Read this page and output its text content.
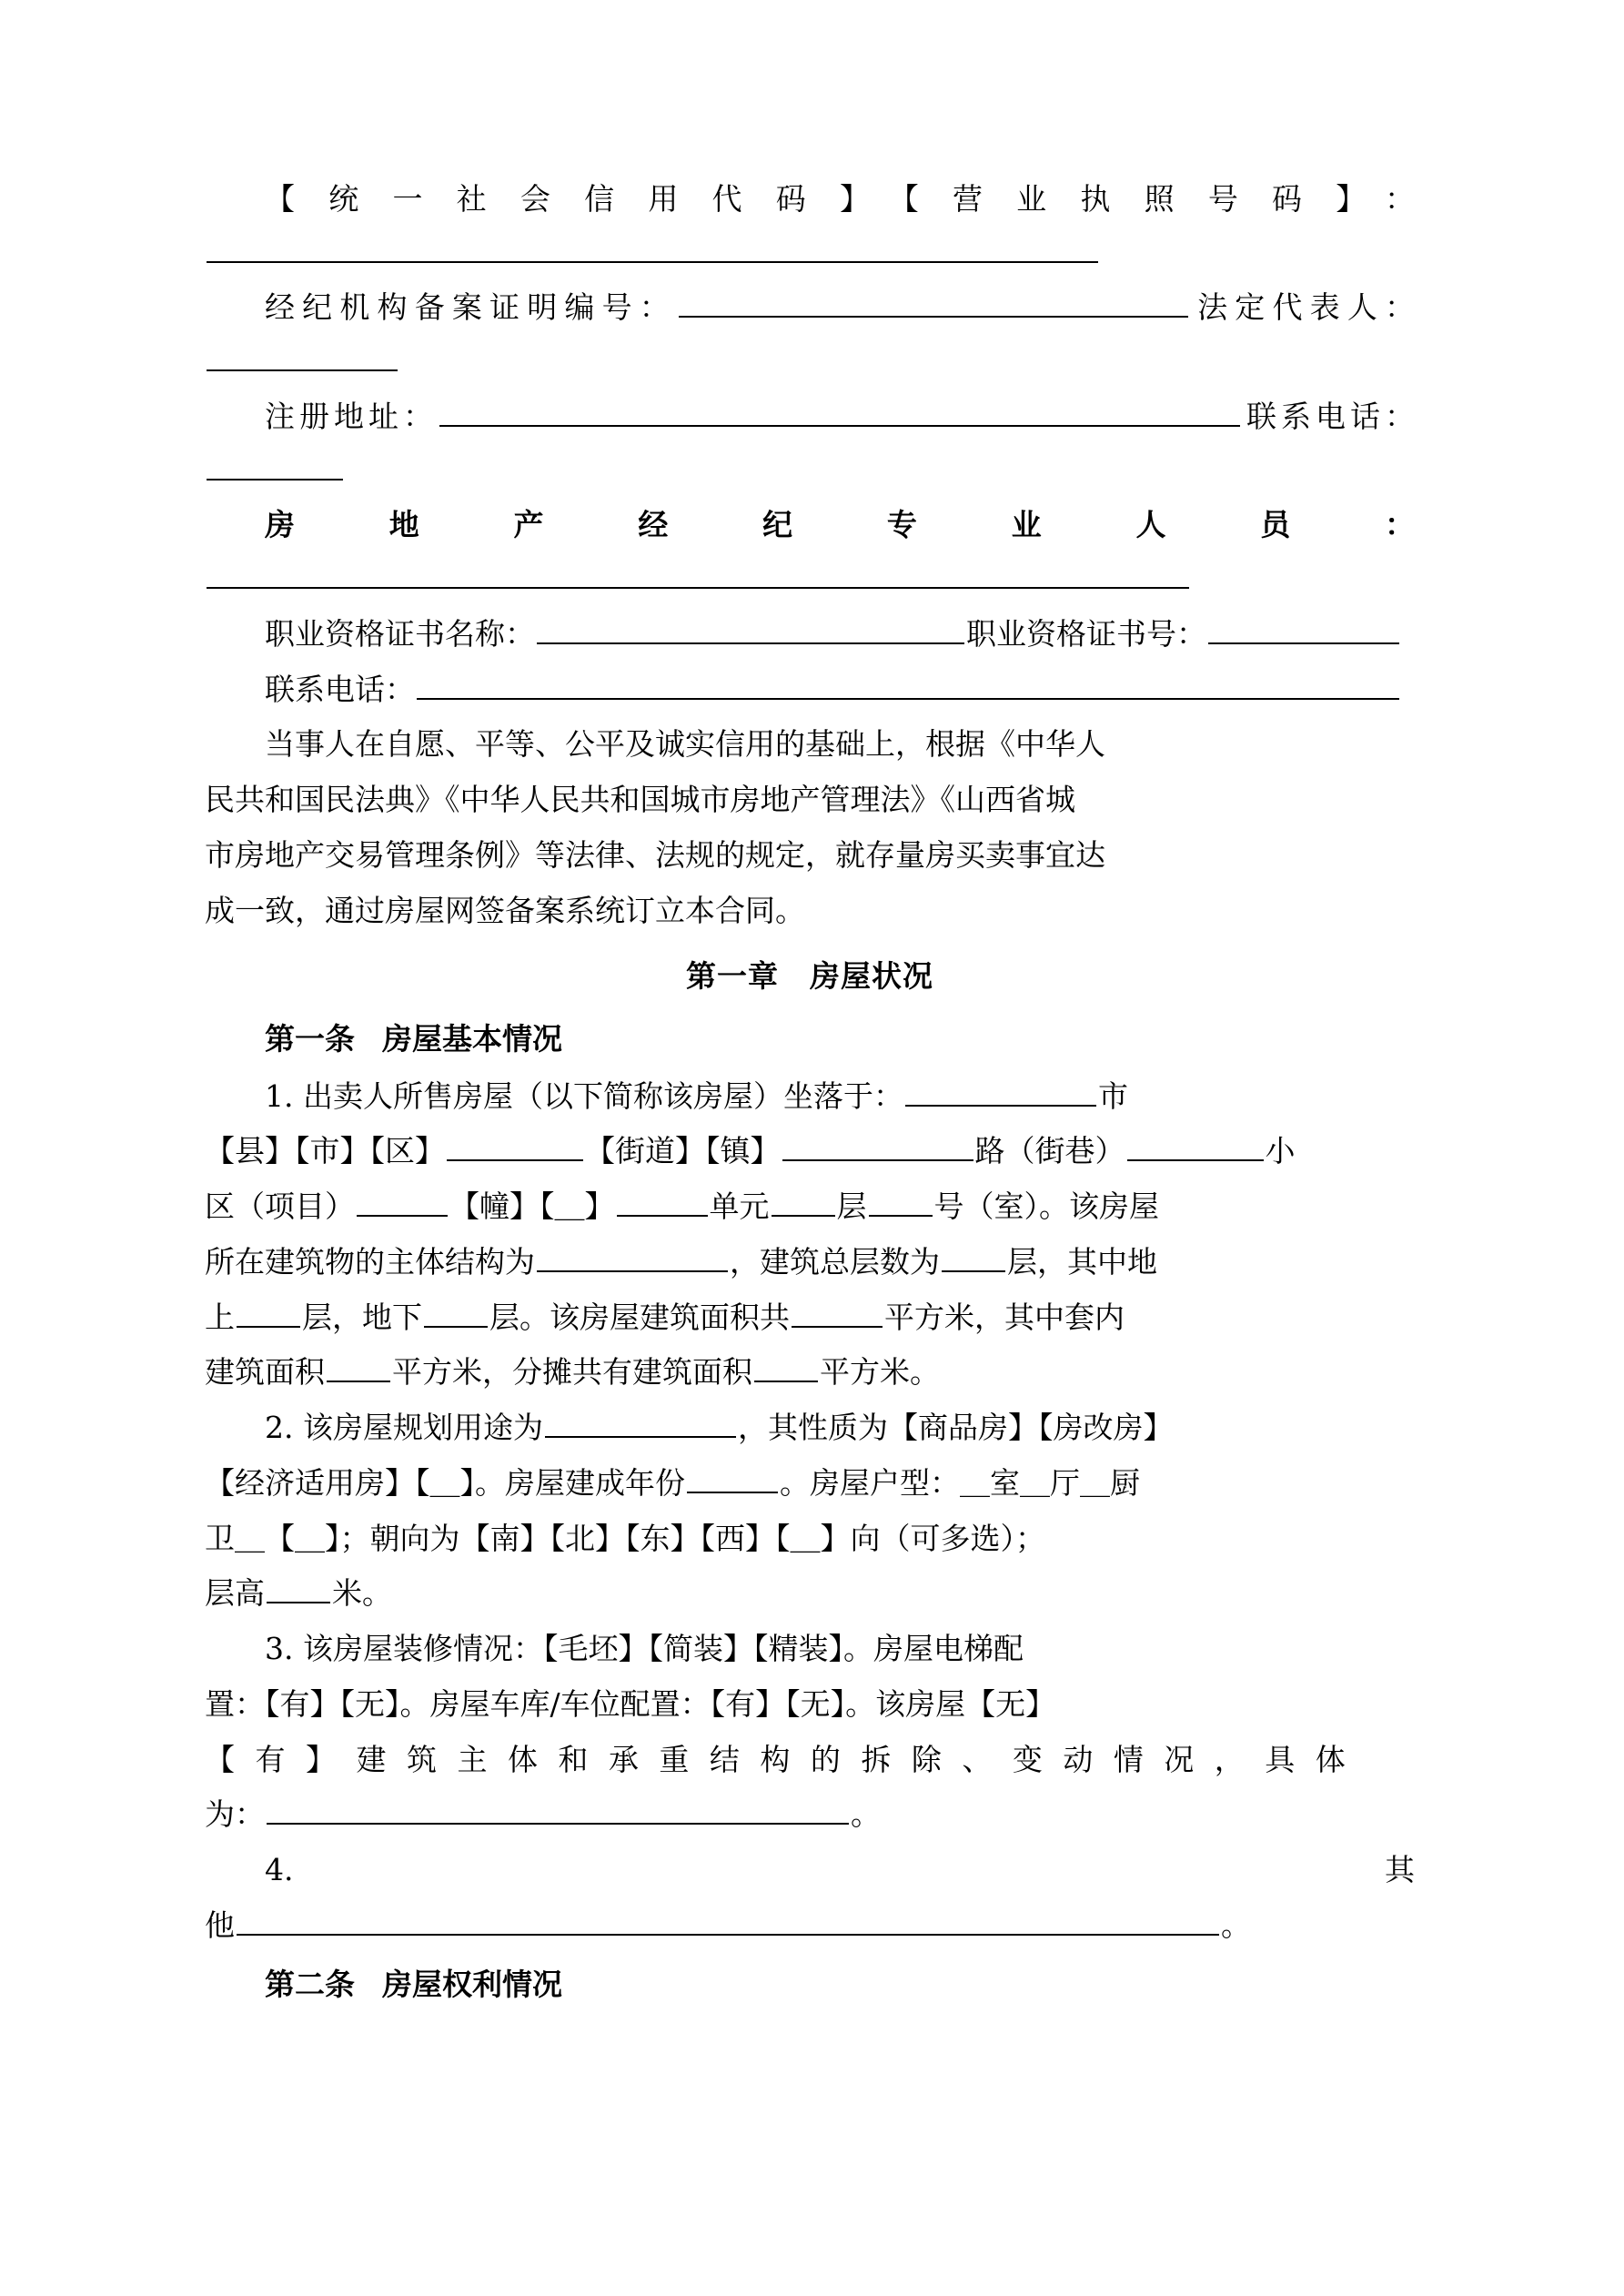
【统一社会信用代码】【营业执照号码】：

经纪机构备案证明编号：	法定代表人：

注册地址：	联系电话：

房地产经纪专业人员：

职业资格证书名称：	职业资格证书号：

联系电话：

当事人在自愿、平等、公平及诚实信用的基础上，根据《中华人

民共和国民法典》《中华人民共和国城市房地产管理法》《山西省城

市房地产交易管理条例》等法律、法规的规定，就存量房买卖事宜达

成一致，通过房屋网签备案系统订立本合同。

第一章 房屋状况

第一条 房屋基本情况

1. 出卖人所售房屋（以下简称该房屋）坐落于：	市

【县】【市】【区】	【街道】【镇】	路（街巷）	小

区（项目）	【幢】【＿】	单元 层 号（室）。该房屋

所在建筑物的主体结构为	，建筑总层数为 层，其中地

上 层，地下 层。该房屋建筑面积共	平方米，其中套内

建筑面积 平方米，分摊共有建筑面积 平方米。

2. 该房屋规划用途为	，其性质为【商品房】【房改房】

【经济适用房】【＿】。房屋建成年份	。房屋户型：＿室＿厅＿厨

卫＿【＿】；朝向为【南】【北】【东】【西】【＿】向（可多选）；

层高 米。

3. 该房屋装修情况：【毛坯】【简装】【精装】。房屋电梯配

置：【有】【无】。房屋车库/车位配置：【有】【无】。该房屋【无】

【 有 】 建 筑 主 体 和 承 重 结 构 的 拆 除 、 变 动 情 况 ， 具 体

为：	。

4.	其

他	。

第二条 房屋权利情况
